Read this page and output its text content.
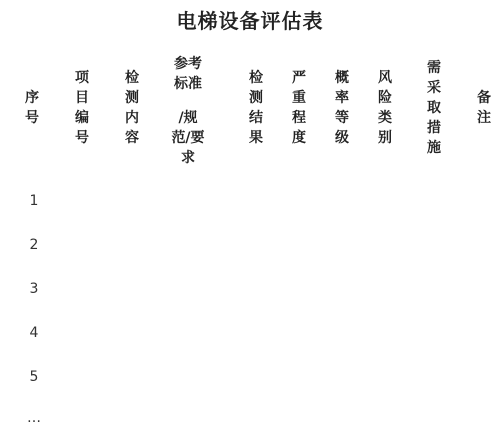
电梯设备评估表
序号
项目编号
检测内容
参考标准
/规
范/要
求
检测结果
严重程度
概率等级
风险类别
需采取措施
备注
1
2
3
4
5
…
